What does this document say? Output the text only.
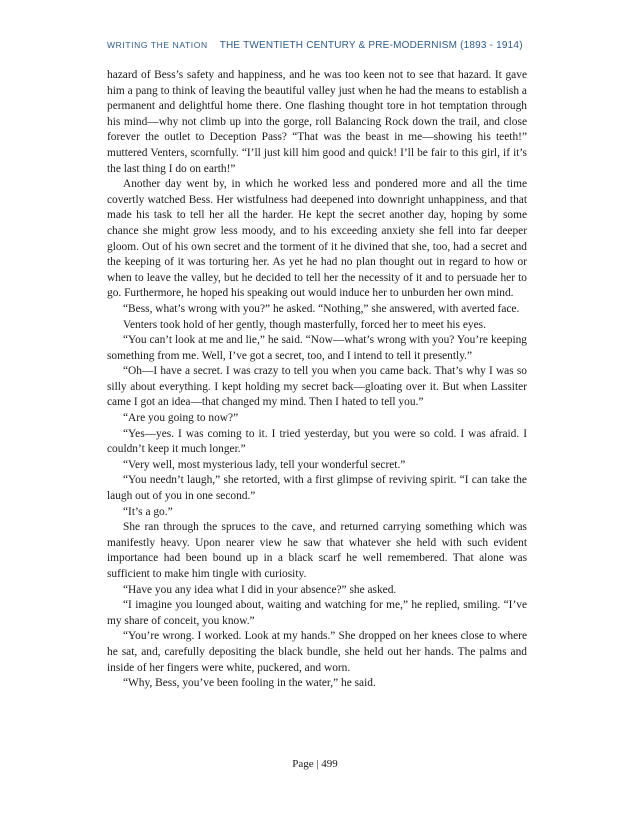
WRITING THE NATION THE TWENTIETH CENTURY & PRE-MODERNISM (1893 - 1914)

hazard of Bess’s safety and happiness, and he was too keen not to see that hazard. It gave him a pang to think of leaving the beautiful valley just when he had the means to establish a permanent and delightful home there. One flashing thought tore in hot temptation through his mind—why not climb up into the gorge, roll Balancing Rock down the trail, and close forever the outlet to Deception Pass? “That was the beast in me—showing his teeth!” muttered Venters, scornfully. “I’ll just kill him good and quick! I’ll be fair to this girl, if it’s the last thing I do on earth!”

Another day went by, in which he worked less and pondered more and all the time covertly watched Bess. Her wistfulness had deepened into downright unhappiness, and that made his task to tell her all the harder. He kept the secret another day, hoping by some chance she might grow less moody, and to his exceeding anxiety she fell into far deeper gloom. Out of his own secret and the torment of it he divined that she, too, had a secret and the keeping of it was torturing her. As yet he had no plan thought out in regard to how or when to leave the valley, but he decided to tell her the necessity of it and to persuade her to go. Furthermore, he hoped his speaking out would induce her to unburden her own mind.

“Bess, what’s wrong with you?” he asked. “Nothing,” she answered, with averted face.

Venters took hold of her gently, though masterfully, forced her to meet his eyes.

“You can’t look at me and lie,” he said. “Now—what’s wrong with you? You’re keeping something from me. Well, I’ve got a secret, too, and I intend to tell it presently.”

“Oh—I have a secret. I was crazy to tell you when you came back. That’s why I was so silly about everything. I kept holding my secret back—gloating over it. But when Lassiter came I got an idea—that changed my mind. Then I hated to tell you.”

“Are you going to now?”

“Yes—yes. I was coming to it. I tried yesterday, but you were so cold. I was afraid. I couldn’t keep it much longer.”

“Very well, most mysterious lady, tell your wonderful secret.”

“You needn’t laugh,” she retorted, with a first glimpse of reviving spirit. “I can take the laugh out of you in one second.”

“It’s a go.”

She ran through the spruces to the cave, and returned carrying something which was manifestly heavy. Upon nearer view he saw that whatever she held with such evident importance had been bound up in a black scarf he well remembered. That alone was sufficient to make him tingle with curiosity.

“Have you any idea what I did in your absence?” she asked.

“I imagine you lounged about, waiting and watching for me,” he replied, smiling. “I’ve my share of conceit, you know.”

“You’re wrong. I worked. Look at my hands.” She dropped on her knees close to where he sat, and, carefully depositing the black bundle, she held out her hands. The palms and inside of her fingers were white, puckered, and worn.

“Why, Bess, you’ve been fooling in the water,” he said.

Page | 499
